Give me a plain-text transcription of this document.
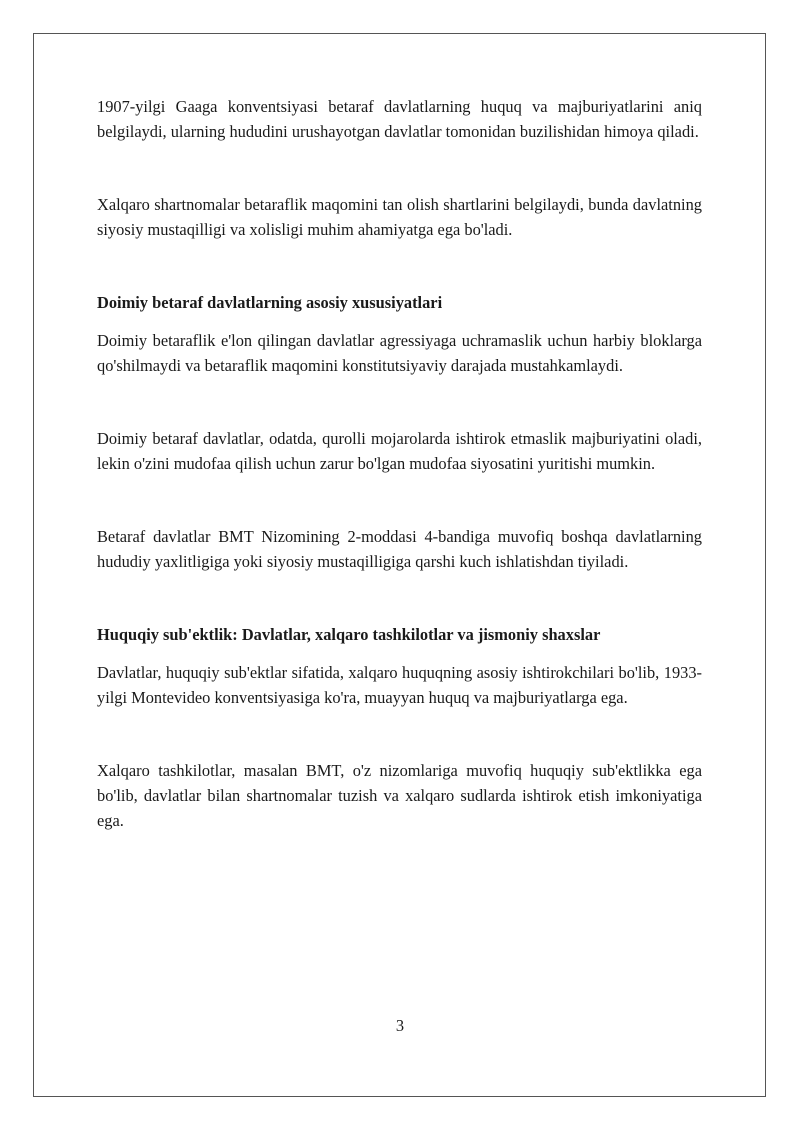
1907-yilgi Gaaga konventsiyasi betaraf davlatlarning huquq va majburiyatlarini aniq belgilaydi, ularning hududini urushayotgan davlatlar tomonidan buzilishidan himoya qiladi.

Xalqaro shartnomalar betaraflik maqomini tan olish shartlarini belgilaydi, bunda davlatning siyosiy mustaqilligi va xolisligi muhim ahamiyatga ega bo'ladi.

Doimiy betaraf davlatlarning asosiy xususiyatlari

Doimiy betaraflik e'lon qilingan davlatlar agressiyaga uchramaslik uchun harbiy bloklarga qo'shilmaydi va betaraflik maqomini konstitutsiyaviy darajada mustahkamlaydi.

Doimiy betaraf davlatlar, odatda, qurolli mojarolarda ishtirok etmaslik majburiyatini oladi, lekin o'zini mudofaa qilish uchun zarur bo'lgan mudofaa siyosatini yuritishi mumkin.

Betaraf davlatlar BMT Nizomining 2-moddasi 4-bandiga muvofiq boshqa davlatlarning hududiy yaxlitligiga yoki siyosiy mustaqilligiga qarshi kuch ishlatishdan tiyiladi.

Huquqiy sub'ektlik: Davlatlar, xalqaro tashkilotlar va jismoniy shaxslar

Davlatlar, huquqiy sub'ektlar sifatida, xalqaro huquqning asosiy ishtirokchilari bo'lib, 1933-yilgi Montevideo konventsiyasiga ko'ra, muayyan huquq va majburiyatlarga ega.

Xalqaro tashkilotlar, masalan BMT, o'z nizomlariga muvofiq huquqiy sub'ektlikka ega bo'lib, davlatlar bilan shartnomalar tuzish va xalqaro sudlarda ishtirok etish imkoniyatiga ega.

3
